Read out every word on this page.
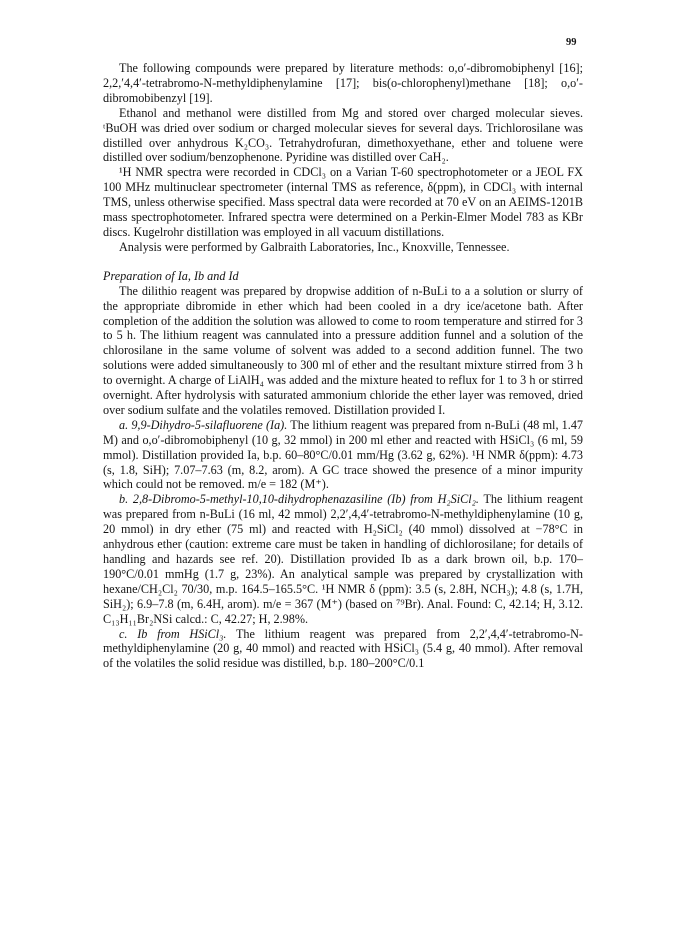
99

The following compounds were prepared by literature methods: o,o′-dibromobiphenyl [16]; 2,2,′4,4′-tetrabromo-N-methyldiphenylamine [17]; bis(o-chlorophenyl)methane [18]; o,o′-dibromobibenzyl [19].

Ethanol and methanol were distilled from Mg and stored over charged molecular sieves. ᵗBuOH was dried over sodium or charged molecular sieves for several days. Trichlorosilane was distilled over anhydrous K₂CO₃. Tetrahydrofuran, dimethoxyethane, ether and toluene were distilled over sodium/benzophenone. Pyridine was distilled over CaH₂.

¹H NMR spectra were recorded in CDCl₃ on a Varian T-60 spectrophotometer or a JEOL FX 100 MHz multinuclear spectrometer (internal TMS as reference, δ(ppm), in CDCl₃ with internal TMS, unless otherwise specified. Mass spectral data were recorded at 70 eV on an AEIMS-1201B mass spectrophotometer. Infrared spectra were determined on a Perkin-Elmer Model 783 as KBr discs. Kugelrohr distillation was employed in all vacuum distillations.

Analysis were performed by Galbraith Laboratories, Inc., Knoxville, Tennessee.

Preparation of Ia, Ib and Id

The dilithio reagent was prepared by dropwise addition of n-BuLi to a a solution or slurry of the appropriate dibromide in ether which had been cooled in a dry ice/acetone bath. After completion of the addition the solution was allowed to come to room temperature and stirred for 3 to 5 h. The lithium reagent was cannulated into a pressure addition funnel and a solution of the chlorosilane in the same volume of solvent was added to a second addition funnel. The two solutions were added simultaneously to 300 ml of ether and the resultant mixture stirred from 3 h to overnight. A charge of LiAlH₄ was added and the mixture heated to reflux for 1 to 3 h or stirred overnight. After hydrolysis with saturated ammonium chloride the ether layer was removed, dried over sodium sulfate and the volatiles removed. Distillation provided I.

a. 9,9-Dihydro-5-silafluorene (Ia). The lithium reagent was prepared from n-BuLi (48 ml, 1.47 M) and o,o′-dibromobiphenyl (10 g, 32 mmol) in 200 ml ether and reacted with HSiCl₃ (6 ml, 59 mmol). Distillation provided Ia, b.p. 60–80°C/0.01 mm/Hg (3.62 g, 62%). ¹H NMR δ(ppm): 4.73 (s, 1.8, SiH); 7.07–7.63 (m, 8.2, arom). A GC trace showed the presence of a minor impurity which could not be removed. m/e = 182 (M⁺).

b. 2,8-Dibromo-5-methyl-10,10-dihydrophenazasiline (Ib) from H₂SiCl₂. The lithium reagent was prepared from n-BuLi (16 ml, 42 mmol) 2,2′,4,4′-tetrabromo-N-methyldiphenylamine (10 g, 20 mmol) in dry ether (75 ml) and reacted with H₂SiCl₂ (40 mmol) dissolved at −78°C in anhydrous ether (caution: extreme care must be taken in handling of dichlorosilane; for details of handling and hazards see ref. 20). Distillation provided Ib as a dark brown oil, b.p. 170–190°C/0.01 mmHg (1.7 g, 23%). An analytical sample was prepared by crystallization with hexane/CH₂Cl₂ 70/30, m.p. 164.5–165.5°C. ¹H NMR δ (ppm): 3.5 (s, 2.8H, NCH₃); 4.8 (s, 1.7H, SiH₂); 6.9–7.8 (m, 6.4H, arom). m/e = 367 (M⁺) (based on ⁷⁹Br). Anal. Found: C, 42.14; H, 3.12. C₁₃H₁₁Br₂NSi calcd.: C, 42.27; H, 2.98%.

c. Ib from HSiCl₃. The lithium reagent was prepared from 2,2′,4,4′-tetrabromo-N-methyldiphenylamine (20 g, 40 mmol) and reacted with HSiCl₃ (5.4 g, 40 mmol). After removal of the volatiles the solid residue was distilled, b.p. 180–200°C/0.1
